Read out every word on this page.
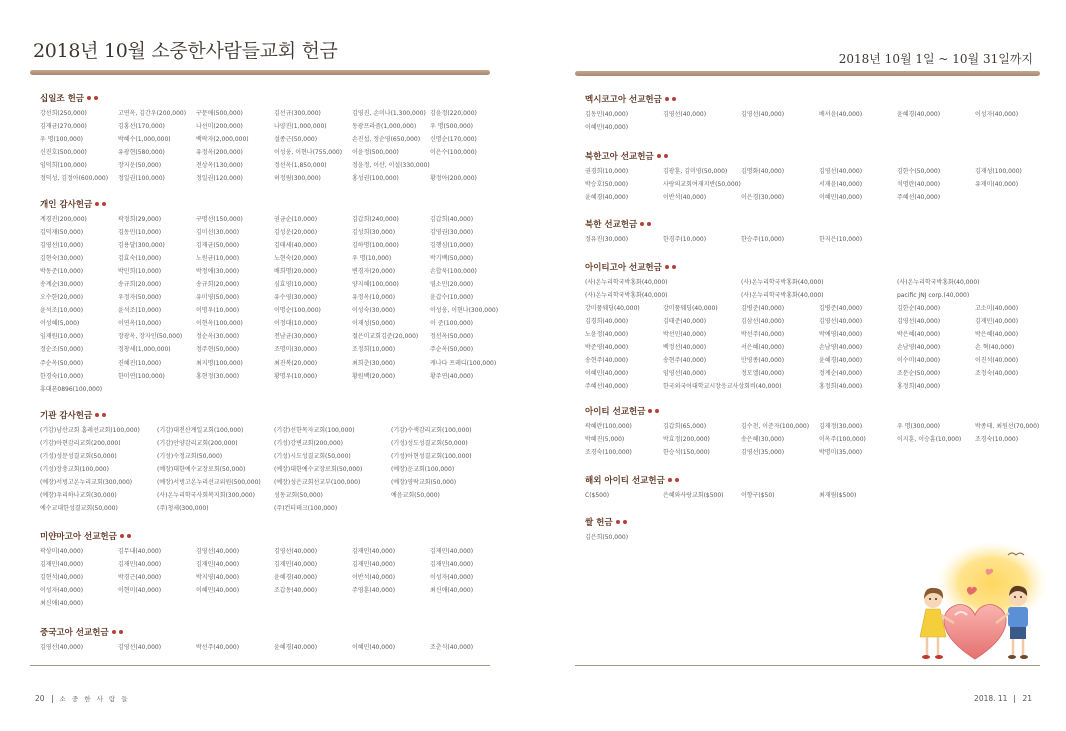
2018년 10월 소중한사람들교회 헌금	2018년 10월 1일 ~ 10월 31일까지
십일조 헌금
강선희(250,000)	고연옥, 김간우(200,000)	구문애(500,000)	김선규(300,000)	김영진, 손미나(1,300,000) 김윤정(220,000)
김재균(270,000)	김홍선(170,000)	나선미(200,000)	나양진(1,000,000)	동광프라즘(1,000,000)	우 명(500,000)
우 명(100,000)	박혜수(1,000,000)	백락자(2,000,000)	설종근(50,000)	손진섭, 정순영(650,000)	신명순(170,000)
신진호(500,000)	유광현(580,000)	유정옥(200,000)	이성웅, 이현나(755,000)	이윤정(500,000)	이은수(100,000)
임덕희(100,000)	장지운(50,000)	전상옥(130,000)	정선옥(1,850,000)	정윤정, 이산, 이설(330,000)
정덕성, 김정아(600,000)	정일권(100,000)	정일권(120,000)	허정림(300,000)	홍성권(100,000)	황정아(200,000)
개인 감사헌금
계경진(200,000)	곽정희(29,000)	구명선(150,000)	권금순(10,000)	김갑희(240,000)	김갑희(40,000)
김덕재(50,000)	김동민(10,000)	김미선(30,000)	김성운(20,000)	김성희(30,000)	김영권(30,000)
김영선(10,000)	김용달(300,000)	김재균(50,000)	김태세(40,000)	김하명(100,000)	김행심(10,000)
김현숙(30,000)	김효숙(10,000)	노원균(10,000)	노현숙(20,000)	우 명(10,000)	박기백(50,000)
박동준(10,000)	박민희(10,000)	박정애(30,000)	배희명(20,000)	변경자(20,000)	손합욱(100,000)
송계순(30,000)	송규희(20,000)	송규희(20,000)	심효영(10,000)	양지혜(100,000)	염소민(20,000)
오수한(20,000)	우정자(50,000)	유미영(50,000)	유수영(30,000)	유정옥(10,000)	윤갑수(10,000)
윤석조(10,000)	윤석조(10,000)	이명우(10,000)	이명순(100,000)	이성숙(30,000)	이성웅, 이현나(300,000)
이성혜(5,000)	이연옥(10,000)	이현옥(100,000)	이정대(10,000)	이재성(50,000)	이 준(100,000)
임재원(10,000)	장광옥, 장자인(50,000)	정순옥(30,000)	전남균(30,000)	절은미교회김준(20,000)	정선옥(50,000)
정순조(50,000)	정창세(1,000,000)	정주현(50,000)	조명미(30,000)	조정희(10,000)	주순옥(50,000)
주순옥(50,000)	진혜진(10,000)	최지명(100,000)	최진복(20,000)	최희춘(30,000)	캐나다 프레디(100,000)
한경숙(10,000)	한미연(100,000)	홍현정(30,000)	황명우(10,000)	황원백(20,000)	황주연(40,000)
휴대폰0896(100,000)
기관 감사헌금
(기감)남산교회 홈레선교회(100,000)	(기감)대전산계일교회(100,000)	(기감)선한목자교회(100,000)	(기감)수색감리교회(100,000)
(기감)아현감리교회(200,000)	(기감)안양감리교회(200,000)	(기성)강변교회(200,000)	(기성)성도성결교회(50,000)
(기성)성문성결교회(50,000)	(기성)수정교회(50,000)	(기성)시도성결교회(50,000)	(기성)아현성결교회(100,000)
(기성)장충교회(100,000)	(예장)대한예수교장로회(50,000)	(예장)대한예수교장로회(50,000)	(예장)운교회(100,000)
(예장)서빙고온누리교회(300,000)	(예장)서빙고온누리선교위원(500,000)	(예장)성은교회선교부(100,000)	(예장)영락교회(50,000)
(예장)우리하나교회(30,000)	(사)온누리학국사회복지회(300,000)	성동교회(50,000)	예음교회(50,000)
예수교대한성결교회(50,000)	(주)청세(300,000)	(주)컨티테크(100,000)
미얀마고아 선교헌금
곽상미(40,000)	김무내(40,000)	김영선(40,000)	김영선(40,000)	김재민(40,000)	김재민(40,000)
김재민(40,000)	김재민(40,000)	김재민(40,000)	김재민(40,000)	김재민(40,000)	김재민(40,000)
김현석(40,000)	박경근(40,000)	박지영(40,000)	윤혜경(40,000)	이반석(40,000)	이성자(40,000)
이성자(40,000)	이현미(40,000)	이혜민(40,000)	조갑동(40,000)	주영훈(40,000)	최신애(40,000)
최신애(40,000)
중국고아 선교헌금
김영선(40,000)	김영선(40,000)	박선주(40,000)	윤혜경(40,000)	이혜민(40,000)	조춘식(40,000)
멕시코고아 선교헌금
김동민(40,000)	김영선(40,000)	김영선(40,000)	배서윤(40,000)	윤혜경(40,000)	이성자(40,000)
이혜민(40,000)
북한고아 선교헌금
권경희(10,000)	김광훈, 김미영(50,000)	김명화(40,000)	김영선(40,000)	김한수(50,000)	김재성(100,000)
박승호(50,000)	사랑의교회여재지반(50,000)	서재윤(40,000)	석명란(40,000)	유재미(40,000)
윤혜경(40,000)	이반석(40,000)	이은경(30,000)	이혜민(40,000)	주혜선(40,000)
북한 선교헌금
정유진(30,000)	한경주(10,000)	한승주(10,000)	한지은(10,000)
아이티고아 선교헌금
(사)온누리학국박홍화(40,000)	(사)온누리학국박홍화(40,000)	(사)온누리학국박홍화(40,000)
(사)온누리학국박홍화(40,000)	(사)온누리학국박홍화(40,000)	pacific JNJ corp.(40,000)
강미품웨딩(40,000)	강미품웨딩(40,000)	김병준(40,000)	김병준(40,000)	김한순(40,000)	고소미(40,000)
김경희(40,000)	김태준(40,000)	김삼선(40,000)	김영선(40,000)	김영선(40,000)	김재민(40,000)
노윤정(40,000)	박선민(40,000)	박선주(40,000)	박예영(40,000)	박은혜(40,000)	박은혜(40,000)
박준영(40,000)	백정선(40,000)	서은혜(40,000)	손남영(40,000)	손남영(40,000)	손 혁(40,000)
송현주(40,000)	송현주(40,000)	안영종(40,000)	윤혜경(40,000)	이수미(40,000)	이진석(40,000)
이혜민(40,000)	임영선(40,000)	정모엘(40,000)	정계순(40,000)	조문순(50,000)	조정숙(40,000)
주혜선(40,000)	한국외국어대학교시장응교사상회비(40,000)	홍정희(40,000)	홍정희(40,000)
아이티 선교헌금
곽혜란(100,000)	김갑희(65,000)	김수천, 이준자(100,000)	김재정(30,000)	우 명(300,000)	박종태, 최원선(70,000)
박혜진(5,000)	박효정(200,000)	송은혜(30,000)	이옥주(100,000)	이지훈, 이승흠(10,000)	조경숙(10,000)
조경숙(100,000)	한승석(150,000)	김영선(35,000)	박명미(35,000)
해외 아이티 선교헌금
C($500)	은혜와사랑교회($500)	이향구($50)	최재림($500)
쌀 헌금
김은희(50,000)
20 소 중 한 사 람 들	2018. 11 21
